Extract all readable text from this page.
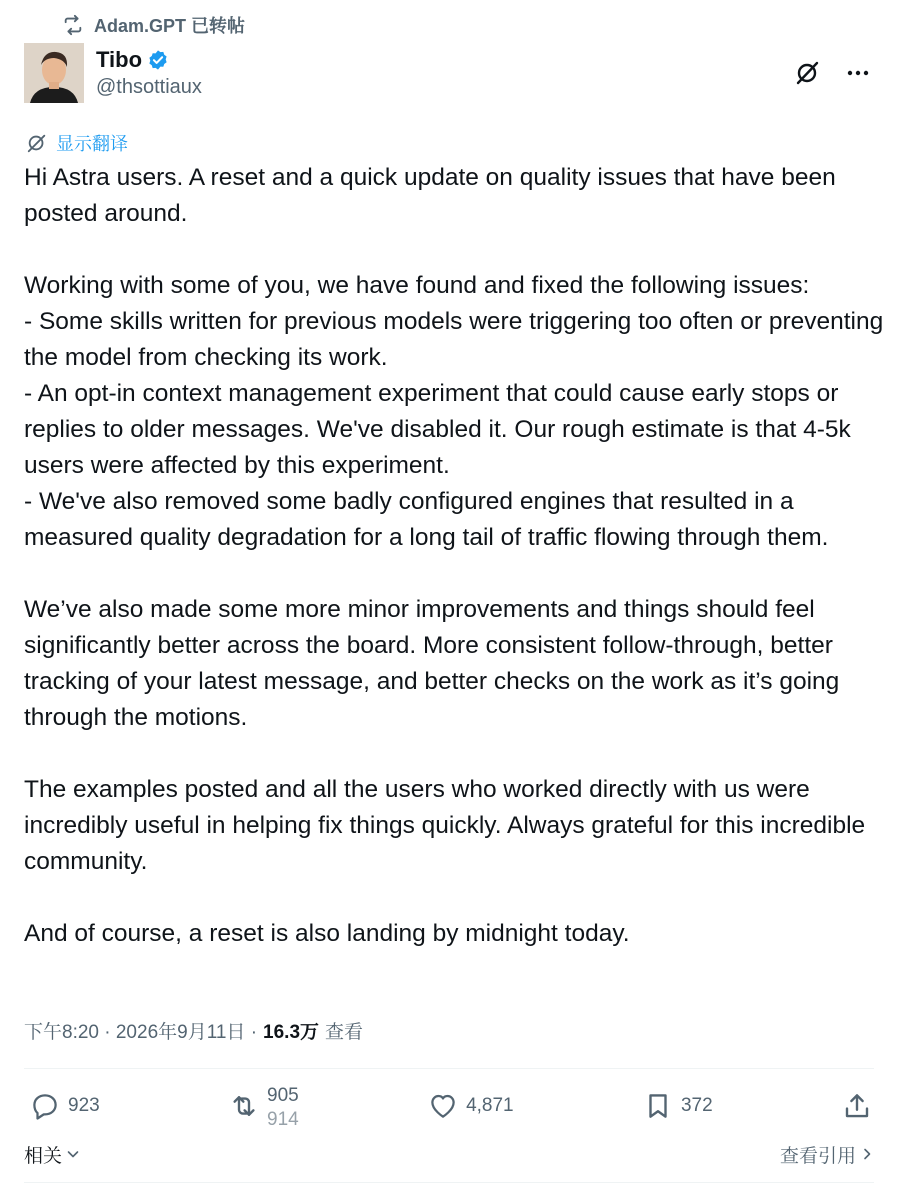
Adam.GPT 已转帖
Tibo
@thsottiaux
显示翻译

Hi Astra users. A reset and a quick update on quality issues that have been posted around.

Working with some of you, we have found and fixed the following issues:
- Some skills written for previous models were triggering too often or preventing the model from checking its work.
- An opt-in context management experiment that could cause early stops or replies to older messages. We've disabled it. Our rough estimate is that 4-5k users were affected by this experiment.
- We've also removed some badly configured engines that resulted in a measured quality degradation for a long tail of traffic flowing through them.

We’ve also made some more minor improvements and things should feel significantly better across the board. More consistent follow-through, better tracking of your latest message, and better checks on the work as it’s going through the motions.

The examples posted and all the users who worked directly with us were incredibly useful in helping fix things quickly. Always grateful for this incredible community.

And of course, a reset is also landing by midnight today.

下午8:20 · 2026年9月11日 · 16.3万 查看
923	905
914
4,871	372
相关	查看引用
